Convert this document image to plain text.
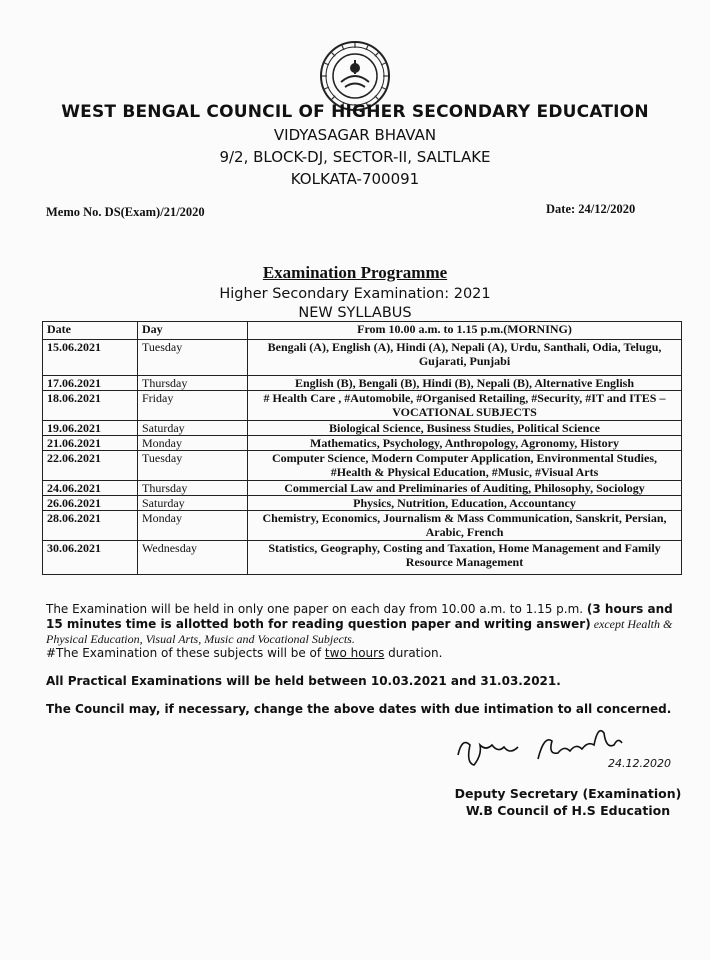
WEST BENGAL COUNCIL OF HIGHER SECONDARY EDUCATION
VIDYASAGAR BHAVAN
9/2, BLOCK-DJ, SECTOR-II, SALTLAKE
KOLKATA-700091
Memo No. DS(Exam)/21/2020	Date: 24/12/2020
Examination Programme
Higher Secondary Examination: 2021
NEW SYLLABUS
Date	Day	From 10.00 a.m. to 1.15 p.m.(MORNING)
15.06.2021	Tuesday	Bengali (A), English (A), Hindi (A), Nepali (A), Urdu, Santhali, Odia, Telugu, Gujarati, Punjabi
17.06.2021	Thursday	English (B), Bengali (B), Hindi (B), Nepali (B), Alternative English
18.06.2021	Friday	# Health Care , #Automobile, #Organised Retailing, #Security, #IT and ITES –VOCATIONAL SUBJECTS
19.06.2021	Saturday	Biological Science, Business Studies, Political Science
21.06.2021	Monday	Mathematics, Psychology, Anthropology, Agronomy, History
22.06.2021	Tuesday	Computer Science, Modern Computer Application, Environmental Studies, #Health & Physical Education, #Music, #Visual Arts
24.06.2021	Thursday	Commercial Law and Preliminaries of Auditing, Philosophy, Sociology
26.06.2021	Saturday	Physics, Nutrition, Education, Accountancy
28.06.2021	Monday	Chemistry, Economics, Journalism & Mass Communication, Sanskrit, Persian, Arabic, French
30.06.2021	Wednesday	Statistics, Geography, Costing and Taxation, Home Management and Family Resource Management
The Examination will be held in only one paper on each day from 10.00 a.m. to 1.15 p.m. (3 hours and 15 minutes time is allotted both for reading question paper and writing answer) except Health & Physical Education, Visual Arts, Music and Vocational Subjects.
#The Examination of these subjects will be of two hours duration.
All Practical Examinations will be held between 10.03.2021 and 31.03.2021.
The Council may, if necessary, change the above dates with due intimation to all concerned.
24.12.2020
Deputy Secretary (Examination)
W.B Council of H.S Education
